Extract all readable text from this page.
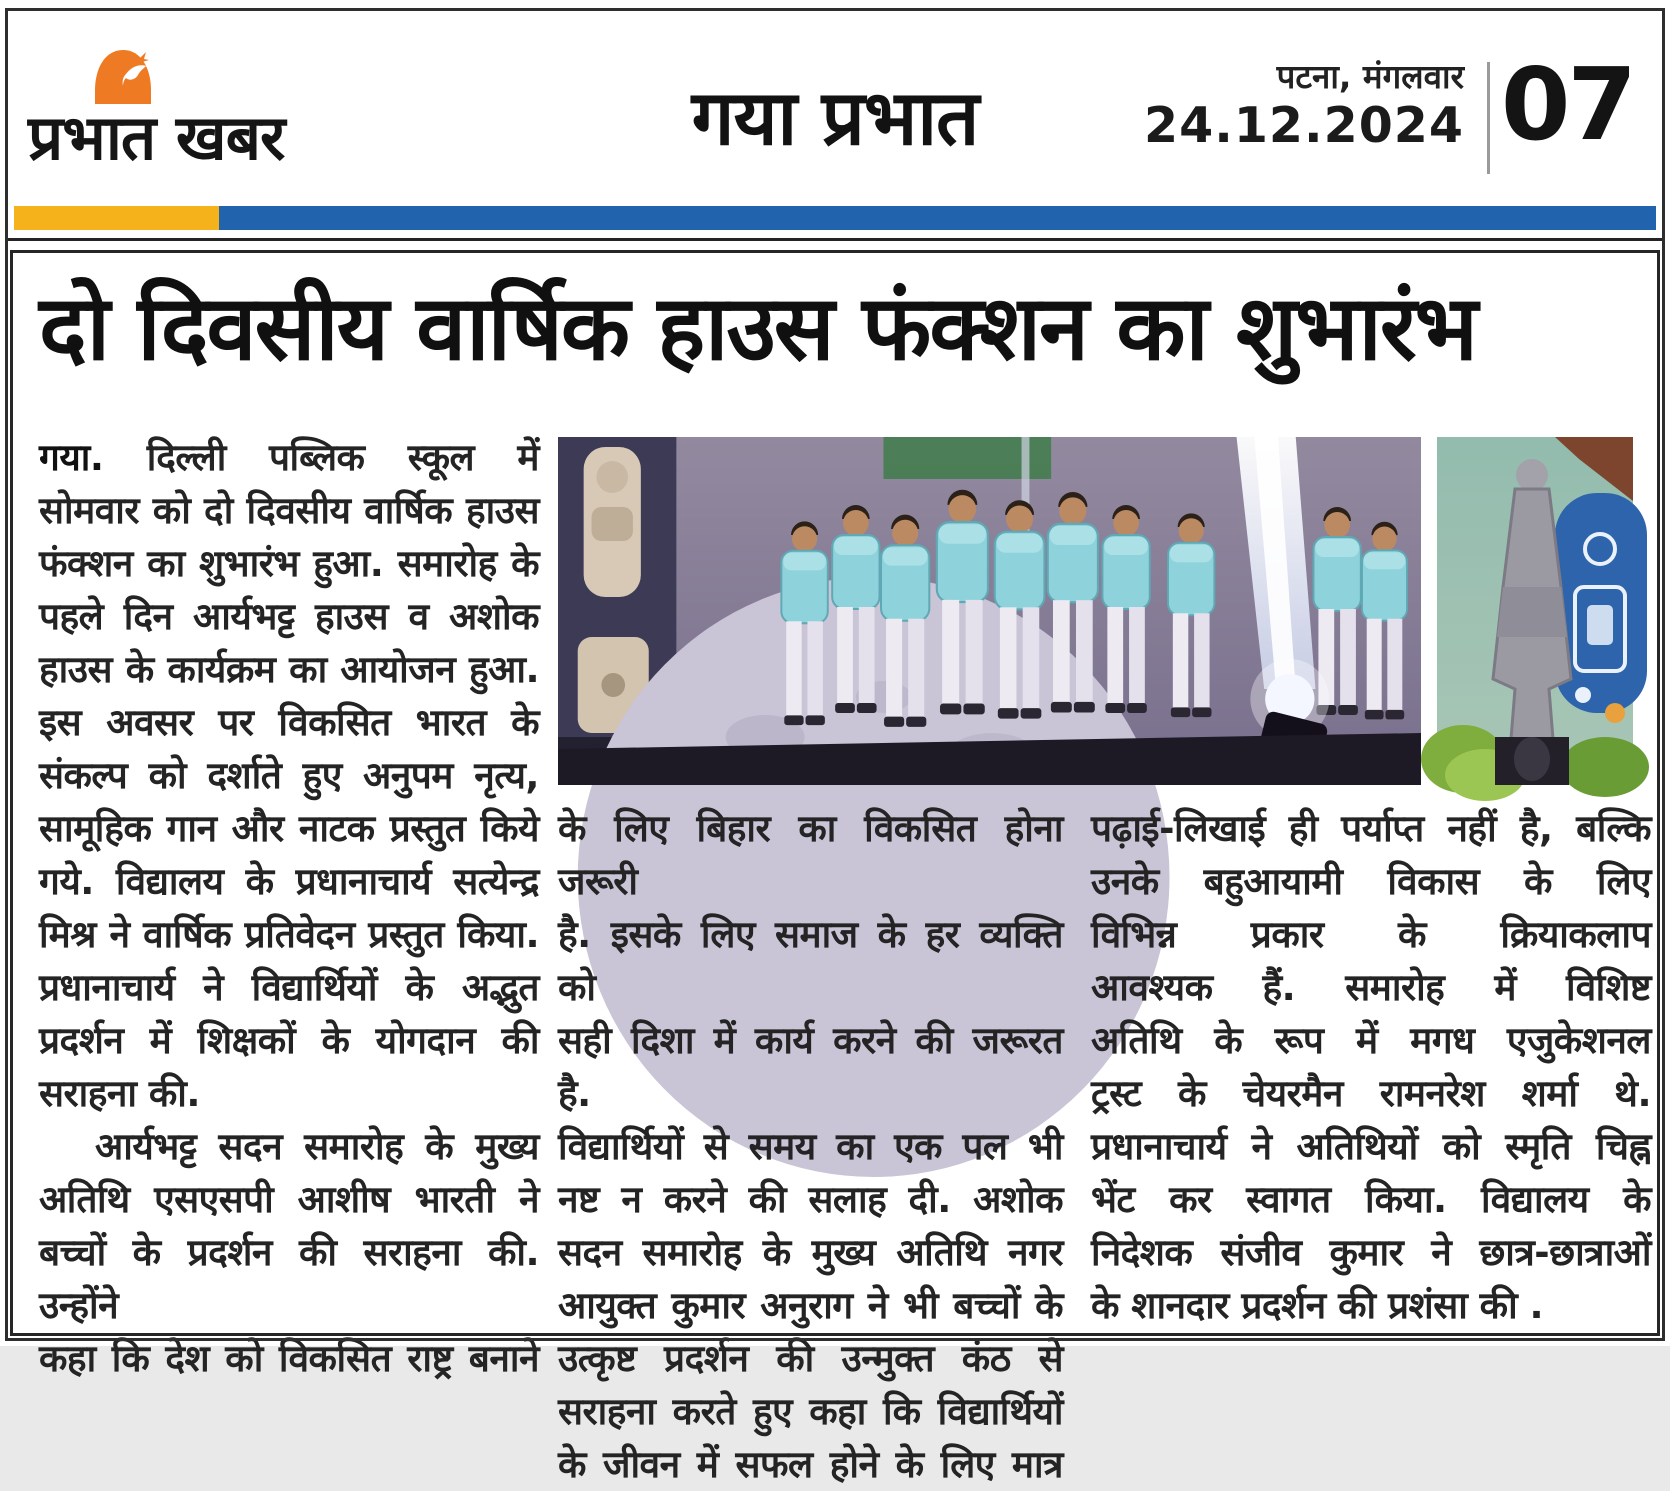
प्रभात खबर	गया प्रभात	पटना, मंगलवार
24.12.2024 07
दो दिवसीय वार्षिक हाउस फंक्शन का शुभारंभ
गया. दिल्ली पब्लिक स्कूल में
सोमवार को दो दिवसीय वार्षिक हाउस
फंक्शन का शुभारंभ हुआ. समारोह के
पहले दिन आर्यभट्ट हाउस व अशोक
हाउस के कार्यक्रम का आयोजन हुआ.
इस अवसर पर विकसित भारत के
संकल्प को दर्शाते हुए अनुपम नृत्य,
सामूहिक गान और नाटक प्रस्तुत किये
गये. विद्यालय के प्रधानाचार्य सत्येन्द्र
मिश्र ने वार्षिक प्रतिवेदन प्रस्तुत किया.
प्रधानाचार्य ने विद्यार्थियों के अद्भुत
प्रदर्शन में शिक्षकों के योगदान की
सराहना की.
आर्यभट्ट सदन समारोह के मुख्य
अतिथि एसएसपी आशीष भारती ने
बच्चों के प्रदर्शन की सराहना की. उन्होंने
कहा कि देश को विकसित राष्ट्र बनाने
के लिए बिहार का विकसित होना जरूरी
है. इसके लिए समाज के हर व्यक्ति को
सही दिशा में कार्य करने की जरूरत है.
विद्यार्थियों से समय का एक पल भी
नष्ट न करने की सलाह दी. अशोक
सदन समारोह के मुख्य अतिथि नगर
आयुक्त कुमार अनुराग ने भी बच्चों के
उत्कृष्ट प्रदर्शन की उन्मुक्त कंठ से
सराहना करते हुए कहा कि विद्यार्थियों
के जीवन में सफल होने के लिए मात्र
पढ़ाई-लिखाई ही पर्याप्त नहीं है, बल्कि
उनके बहुआयामी विकास के लिए
विभिन्न प्रकार के क्रियाकलाप
आवश्यक हैं. समारोह में विशिष्ट
अतिथि के रूप में मगध एजुकेशनल
ट्रस्ट के चेयरमैन रामनरेश शर्मा थे.
प्रधानाचार्य ने अतिथियों को स्मृति चिह्न
भेंट कर स्वागत किया. विद्यालय के
निदेशक संजीव कुमार ने छात्र-छात्राओं
के शानदार प्रदर्शन की प्रशंसा की .
